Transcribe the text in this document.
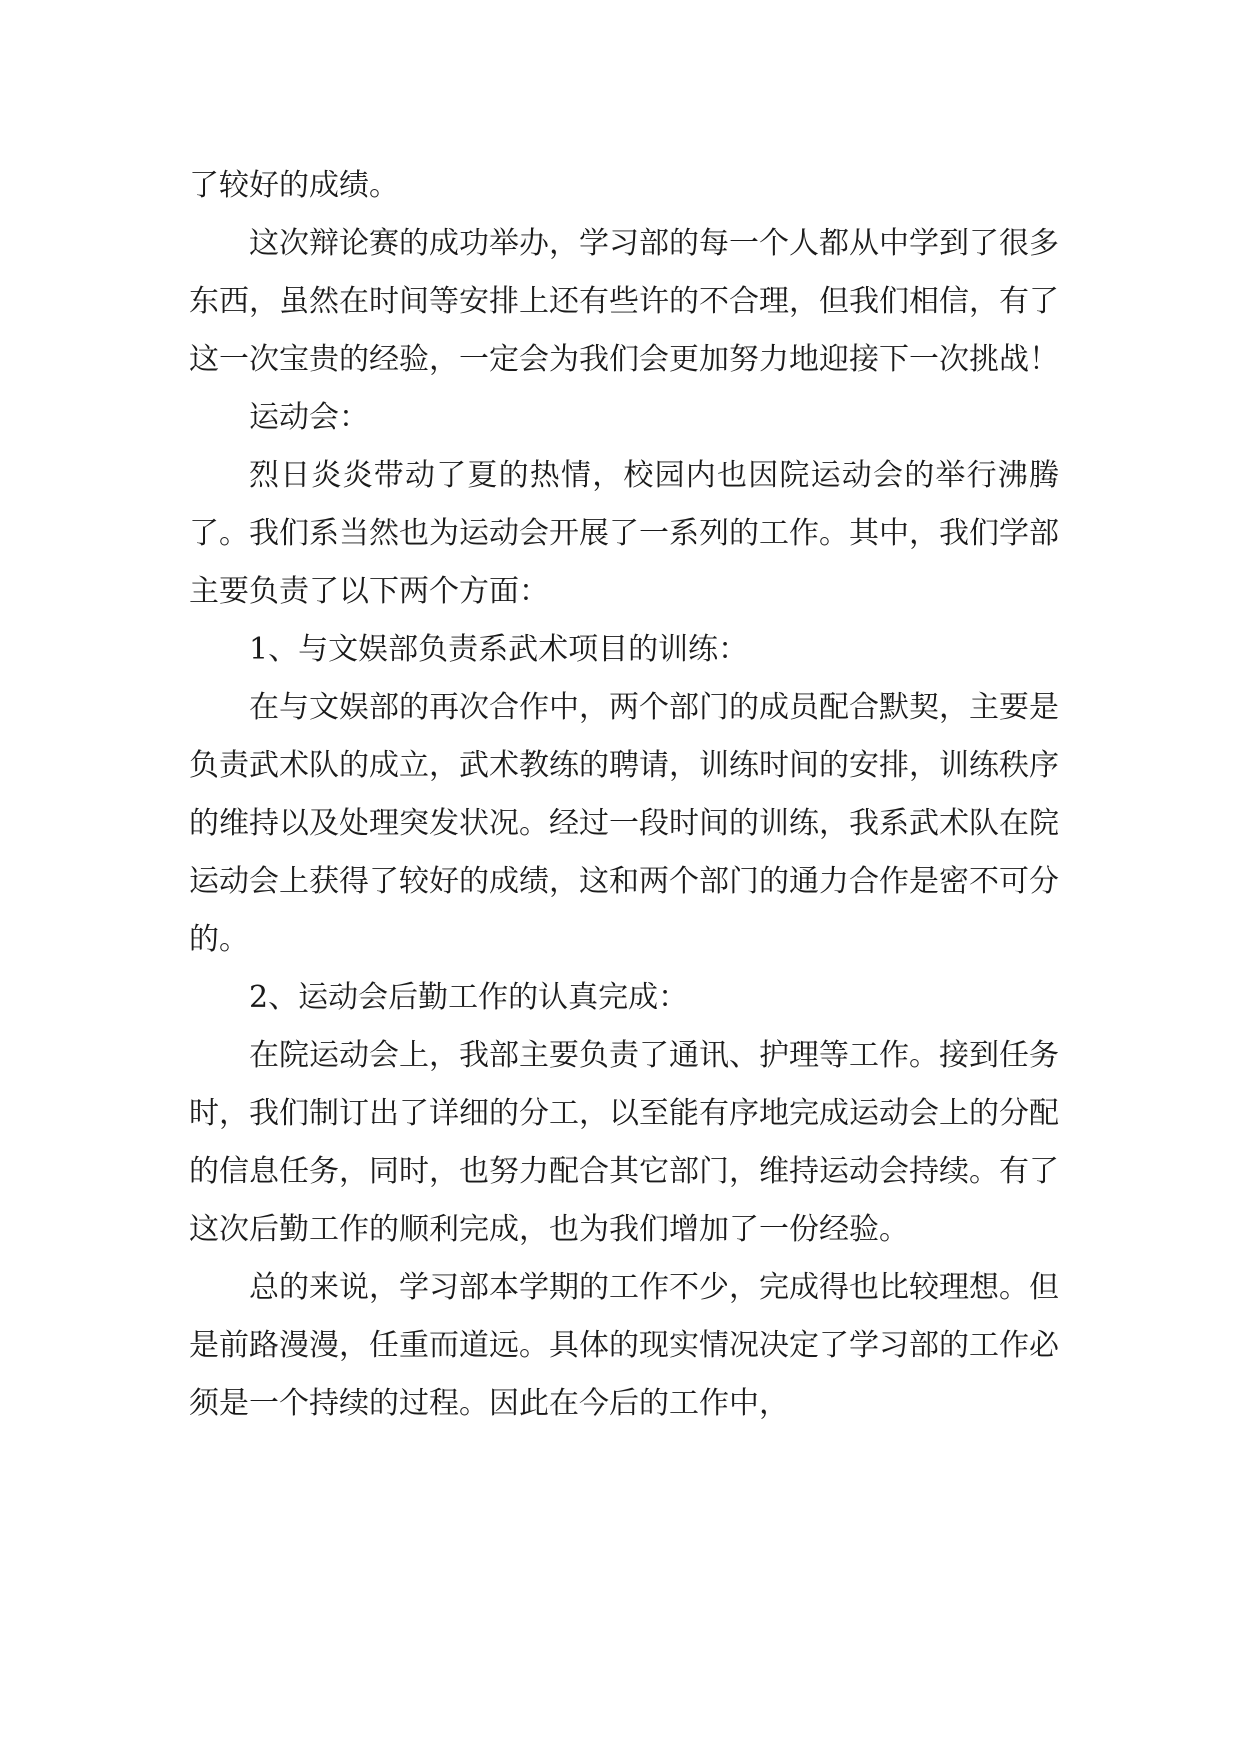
了较好的成绩。

这次辩论赛的成功举办，学习部的每一个人都从中学到了很多东西，虽然在时间等安排上还有些许的不合理，但我们相信，有了这一次宝贵的经验，一定会为我们会更加努力地迎接下一次挑战！

运动会：

烈日炎炎带动了夏的热情，校园内也因院运动会的举行沸腾了。我们系当然也为运动会开展了一系列的工作。其中，我们学部主要负责了以下两个方面：

1、与文娱部负责系武术项目的训练：

在与文娱部的再次合作中，两个部门的成员配合默契，主要是负责武术队的成立，武术教练的聘请，训练时间的安排，训练秩序的维持以及处理突发状况。经过一段时间的训练，我系武术队在院运动会上获得了较好的成绩，这和两个部门的通力合作是密不可分的。

2、运动会后勤工作的认真完成：

在院运动会上，我部主要负责了通讯、护理等工作。接到任务时，我们制订出了详细的分工，以至能有序地完成运动会上的分配的信息任务，同时，也努力配合其它部门，维持运动会持续。有了这次后勤工作的顺利完成，也为我们增加了一份经验。

总的来说，学习部本学期的工作不少，完成得也比较理想。但是前路漫漫，任重而道远。具体的现实情况决定了学习部的工作必须是一个持续的过程。因此在今后的工作中，
